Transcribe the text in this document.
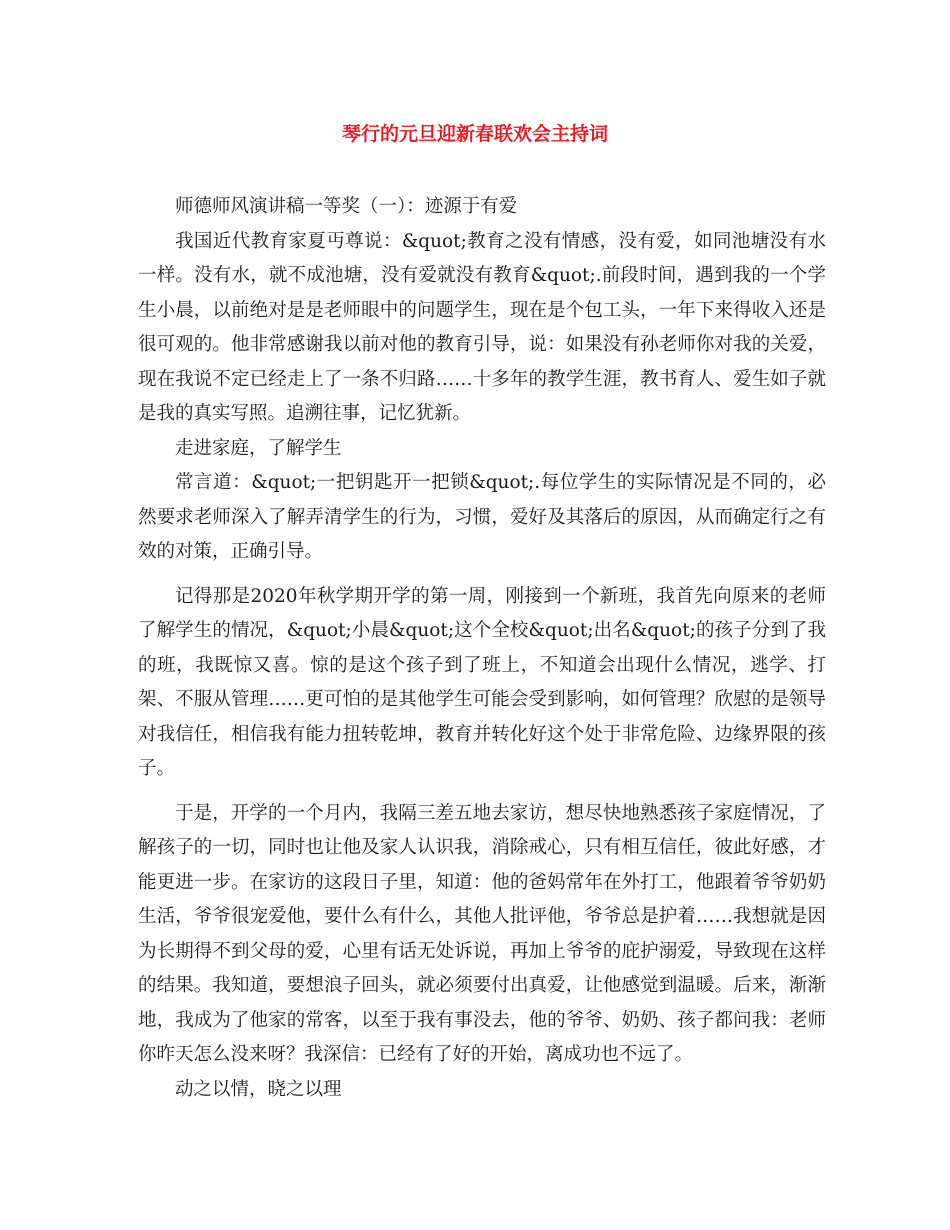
琴行的元旦迎新春联欢会主持词

师德师风演讲稿一等奖（一）：迹源于有爱

我国近代教育家夏丏尊说：&quot;教育之没有情感，没有爱，如同池塘没有水一样。没有水，就不成池塘，没有爱就没有教育&quot;.前段时间，遇到我的一个学生小晨，以前绝对是是老师眼中的问题学生，现在是个包工头，一年下来得收入还是很可观的。他非常感谢我以前对他的教育引导，说：如果没有孙老师你对我的关爱，现在我说不定已经走上了一条不归路……十多年的教学生涯，教书育人、爱生如子就是我的真实写照。追溯往事，记忆犹新。

走进家庭，了解学生

常言道：&quot;一把钥匙开一把锁&quot;.每位学生的实际情况是不同的，必然要求老师深入了解弄清学生的行为，习惯，爱好及其落后的原因，从而确定行之有效的对策，正确引导。

记得那是2020年秋学期开学的第一周，刚接到一个新班，我首先向原来的老师了解学生的情况，&quot;小晨&quot;这个全校&quot;出名&quot;的孩子分到了我的班，我既惊又喜。惊的是这个孩子到了班上，不知道会出现什么情况，逃学、打架、不服从管理……更可怕的是其他学生可能会受到影响，如何管理？欣慰的是领导对我信任，相信我有能力扭转乾坤，教育并转化好这个处于非常危险、边缘界限的孩子。

于是，开学的一个月内，我隔三差五地去家访，想尽快地熟悉孩子家庭情况，了解孩子的一切，同时也让他及家人认识我，消除戒心，只有相互信任，彼此好感，才能更进一步。在家访的这段日子里，知道：他的爸妈常年在外打工，他跟着爷爷奶奶生活，爷爷很宠爱他，要什么有什么，其他人批评他，爷爷总是护着……我想就是因为长期得不到父母的爱，心里有话无处诉说，再加上爷爷的庇护溺爱，导致现在这样的结果。我知道，要想浪子回头，就必须要付出真爱，让他感觉到温暖。后来，渐渐地，我成为了他家的常客，以至于我有事没去，他的爷爷、奶奶、孩子都问我：老师你昨天怎么没来呀？我深信：已经有了好的开始，离成功也不远了。

动之以情，晓之以理
